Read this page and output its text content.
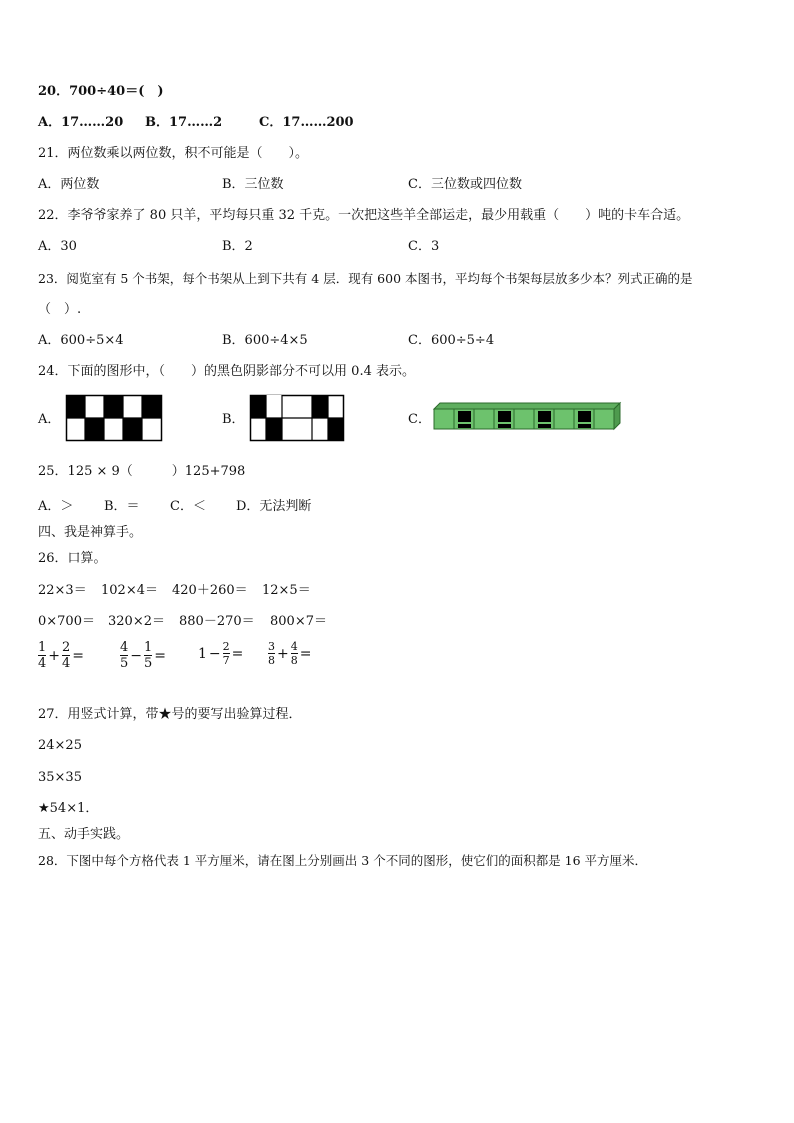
20．700÷40＝(　)
A．17……20 B．17……2	C．17……200
21．两位数乘以两位数，积不可能是（　　）。
A．两位数	B．三位数	C．三位数或四位数
22．李爷爷家养了 80 只羊，平均每只重 32 千克。一次把这些羊全部运走，最少用载重（　　）吨的卡车合适。
A．30	B．2	C．3
23．阅览室有 5 个书架，每个书架从上到下共有 4 层．现有 600 本图书，平均每个书架每层放多少本？列式正确的是
（　）.
A．600÷5×4	B．600÷4×5	C．600÷5÷4
24．下面的图形中，（　　）的黑色阴影部分不可以用 0.4 表示。
A．	B．	C．
25．125 × 9（　　　）125+798
A．＞ B．＝ C．＜ D．无法判断
四、我是神算手。
26．口算。
22×3＝ 102×4＝ 420＋260＝ 12×5＝
0×700＝ 320×2＝ 880－270＝ 800×7＝
$\frac{1}{4} + \frac{2}{4}$ =	$\frac{4}{5} - \frac{1}{5} = 1 - \frac{2}{7} = \frac{3}{8} + \frac{4}{8}$ =
27．用竖式计算，带★号的要写出验算过程．
24×25
35×35
★54×1．
五、动手实践。
28．下图中每个方格代表 1 平方厘米，请在图上分别画出 3 个不同的图形，使它们的面积都是 16 平方厘米．
